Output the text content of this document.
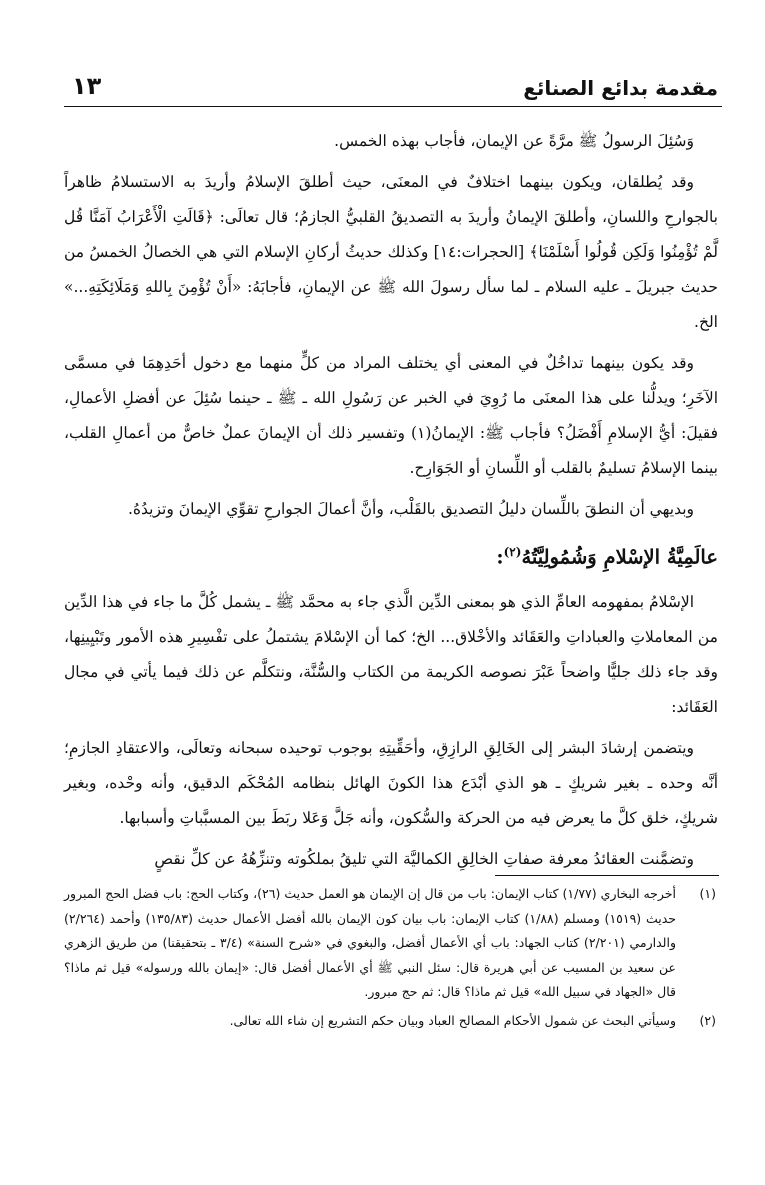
مقدمة بدائع الصنائع
١٣

وَسُئِلَ الرسولُ ﷺ مرَّةً عن الإيمان، فأجاب بهذه الخمس.

وقد يُطلقان، ويكون بينهما اختلافٌ في المعنَى، حيث أطلقَ الإسلامُ وأريدَ به الاستسلامُ ظاهراً بالجوارحِ واللسانِ، وأطلقَ الإيمانُ وأريدَ به التصديقُ القلبيُّ الجازمُ؛ قال تعالَى: ﴿قَالَتِ الْأَعْرَابُ آمَنَّا قُل لَّمْ تُؤْمِنُوا وَلَكِن قُولُوا أَسْلَمْنَا﴾ [الحجرات:١٤] وكذلك حديثُ أركانِ الإسلام التي هي الخصالُ الخمسُ من حديث جبريلَ ـ عليه السلام ـ لما سأل رسولَ الله ﷺ عن الإيمانِ، فأجابَهُ: «أَنْ تُؤْمِنَ بِاللهِ وَمَلَائِكَتِهِ...» الخ.

وقد يكون بينهما تداخُلٌ في المعنى أي يختلف المراد من كلٍّ منهما مع دخول أحَدِهِمَا في مسمَّى الآخَرِ؛ ويدلُّنا على هذا المعنَى ما رُوِيَ في الخبر عن رَسُولِ الله ـ ﷺ ـ حينما سُئِلَ عن أفضلِ الأعمالِ، فقيلَ: أيُّ الإسلامِ أَفْضَلُ؟ فأجاب ﷺ: الإيمانُ(١) وتفسير ذلك أن الإيمانَ عملٌ خاصٌّ من أعمالِ القلب، بينما الإسلامُ تسليمٌ بالقلب أو اللِّسانِ أو الجَوَارِح.

وبديهي أن النطقَ باللِّسان دليلُ التصديق بالقَلْب، وأنَّ أعمالَ الجوارحِ تقوِّي الإيمانَ وتزيدُهُ.

عالَمِيَّةُ الإسْلامِ وَشُمُولِيَّتُهُ$^{(٢)}$:

الإسْلامُ بمفهومه العامِّ الذي هو بمعنى الدِّين الَّذي جاء به محمَّد ﷺ ـ يشمل كُلَّ ما جاء في هذا الدِّين من المعاملاتِ والعباداتِ والعَقَائد والأخْلاق... الخ؛ كما أن الإسْلامَ يشتملُ على تفْسِيرِ هذه الأمور وتَبْيِينِها، وقد جاء ذلك جليًّا واضحاً عَبْرَ نصوصه الكريمة من الكتاب والسُّنَّة، ونتكلَّم عن ذلك فيما يأتي في مجال العَقَائد:

ويتضمن إرشادَ البشر إلى الخَالِقِ الرازِقِ، وأحَقِّيتِهِ بوجوب توحيده سبحانه وتعالَى، والاعتقادِ الجازمِ؛ أنَّه وحده ـ بغير شريكٍ ـ هو الذي أبْدَع هذا الكونَ الهائل بنظامه المُحْكَم الدقيق، وأنه وحْده، وبغير شريكٍ، خلق كلَّ ما يعرض فيه من الحركة والسُّكون، وأنه جَلَّ وَعَلا ربَطَ بين المسبَّباتِ وأسبابها.

وتضمَّنت العقائدُ معرفة صفاتِ الخالِقِ الكماليَّة التي تليقُ بملكُوته وتنزِّهُهُ عن كلِّ نقصٍ

(١)
أخرجه البخاري (١/٧٧) كتاب الإيمان: باب من قال إن الإيمان هو العمل حديث (٢٦)، وكتاب الحج: باب فضل الحج المبرور حديث (١٥١٩) ومسلم (١/٨٨) كتاب الإيمان: باب بيان كون الإيمان بالله أفضل الأعمال حديث (١٣٥/٨٣) وأحمد (٢/٢٦٤) والدارمي (٢/٢٠١) كتاب الجهاد: باب أي الأعمال أفضل، والبغوي في «شرح السنة» (٣/٤ ـ بتحقيقنا) من طريق الزهري عن سعيد بن المسيب عن أبي هريرة قال: سئل النبي ﷺ أي الأعمال أفضل قال: «إيمان بالله ورسوله» قيل ثم ماذا؟ قال «الجهاد في سبيل الله» قيل ثم ماذا؟ قال: ثم حج مبرور.

(٢)
وسيأتي البحث عن شمول الأحكام المصالح العباد وبيان حكم التشريع إن شاء الله تعالى.
